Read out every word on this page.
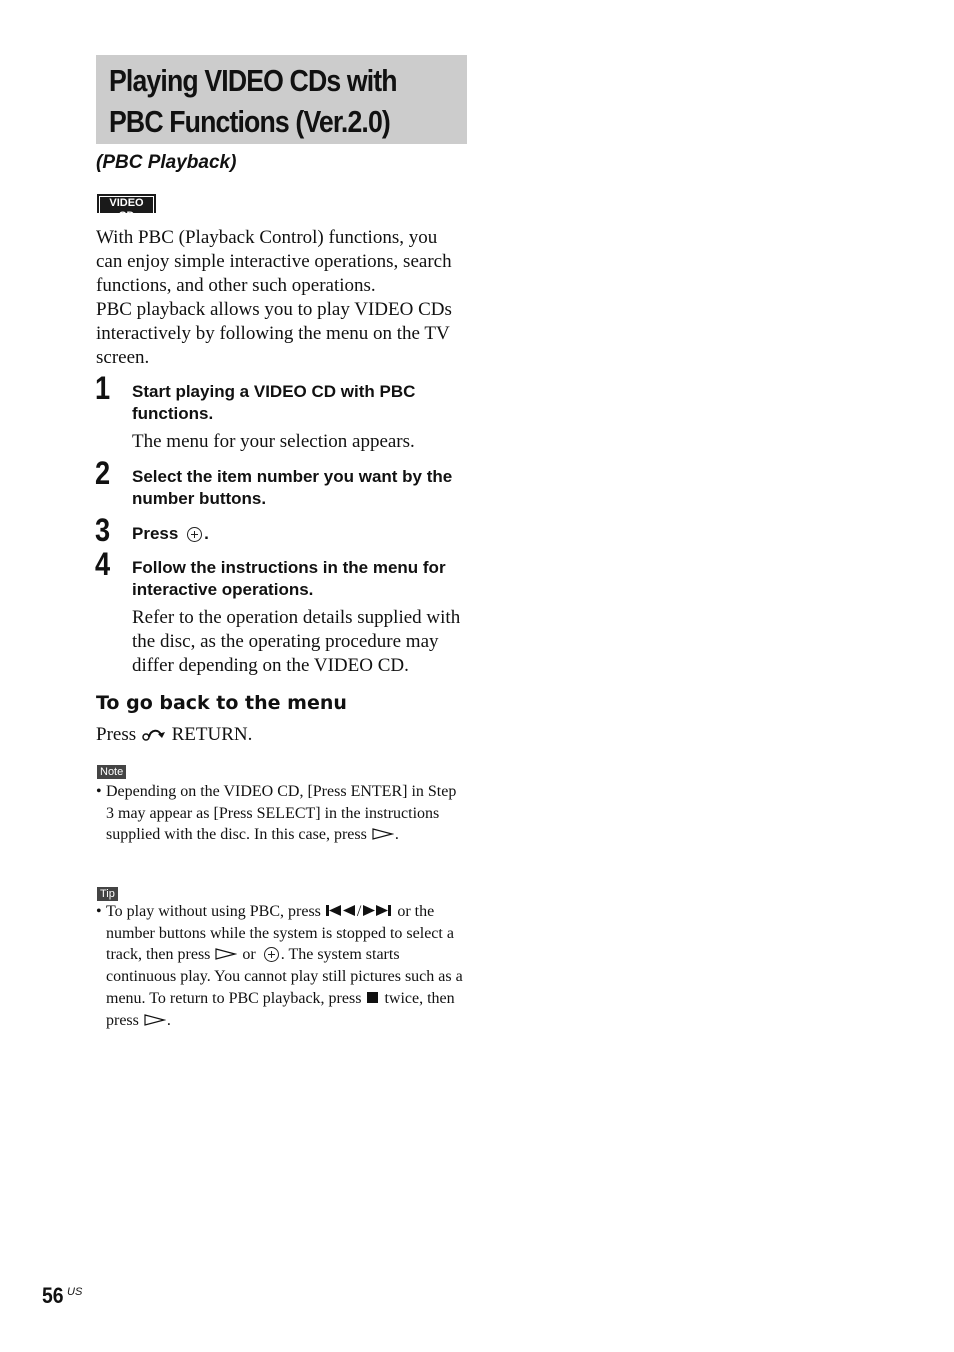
Playing VIDEO CDs with
PBC Functions (Ver.2.0)

(PBC Playback)

VIDEO CD

With PBC (Playback Control) functions, you can enjoy simple interactive operations, search functions, and other such operations.

PBC playback allows you to play VIDEO CDs interactively by following the menu on the TV screen.

1 Start playing a VIDEO CD with PBC functions.

The menu for your selection appears.

2 Select the item number you want by the number buttons.

3 Press .

4 Follow the instructions in the menu for interactive operations.

Refer to the operation details supplied with the disc, as the operating procedure may differ depending on the VIDEO CD.

To go back to the menu

Press RETURN.

Note
• Depending on the VIDEO CD, [Press ENTER] in Step 3 may appear as [Press SELECT] in the instructions supplied with the disc. In this case, press .
Tip
• To play without using PBC, press / or the number buttons while the system is stopped to select a track, then press or . The system starts continuous play. You cannot play still pictures such as a menu. To return to PBC playback, press twice, then press .
56 US
